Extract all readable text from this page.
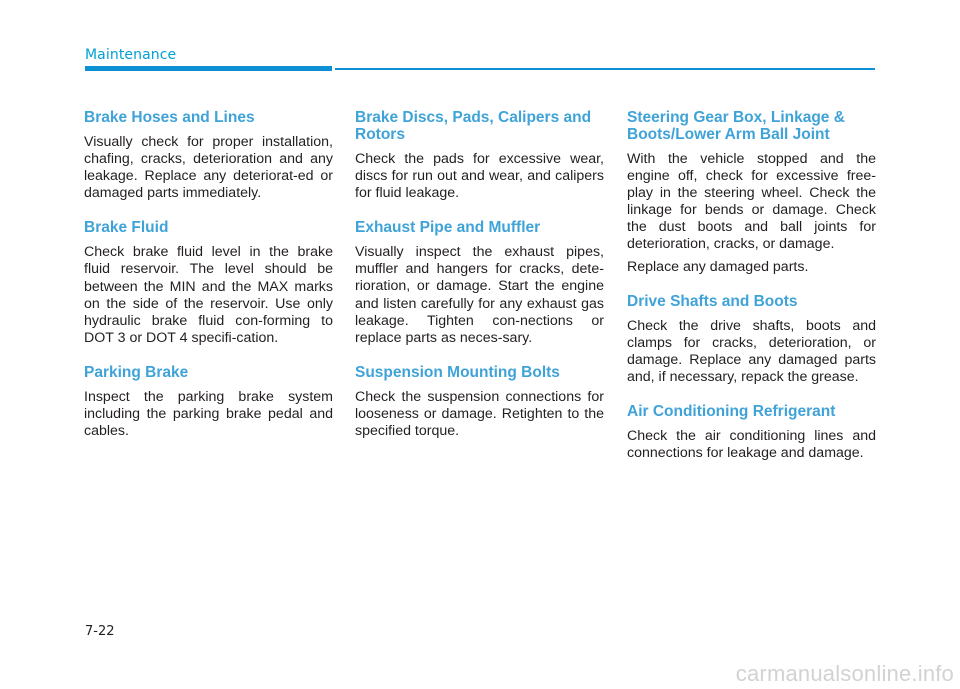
Maintenance
Brake Hoses and Lines

Visually check for proper installation, chafing, cracks, deterioration and any leakage. Replace any deteriorat-ed or damaged parts immediately.

Brake Fluid

Check brake fluid level in the brake fluid reservoir. The level should be between the MIN and the MAX marks on the side of the reservoir. Use only hydraulic brake fluid con-forming to DOT 3 or DOT 4 specifi-cation.

Parking Brake

Inspect the parking brake system including the parking brake pedal and cables.

Brake Discs, Pads, Calipers and Rotors

Check the pads for excessive wear, discs for run out and wear, and calipers for fluid leakage.

Exhaust Pipe and Muffler

Visually inspect the exhaust pipes, muffler and hangers for cracks, dete-rioration, or damage. Start the engine and listen carefully for any exhaust gas leakage. Tighten con-nections or replace parts as neces-sary.

Suspension Mounting Bolts

Check the suspension connections for looseness or damage. Retighten to the specified torque.

Steering Gear Box, Linkage & Boots/Lower Arm Ball Joint

With the vehicle stopped and the engine off, check for excessive free-play in the steering wheel. Check the linkage for bends or damage. Check the dust boots and ball joints for deterioration, cracks, or damage.

Replace any damaged parts.

Drive Shafts and Boots

Check the drive shafts, boots and clamps for cracks, deterioration, or damage. Replace any damaged parts and, if necessary, repack the grease.

Air Conditioning Refrigerant

Check the air conditioning lines and connections for leakage and damage.

7-22
carmanualsonline.info
